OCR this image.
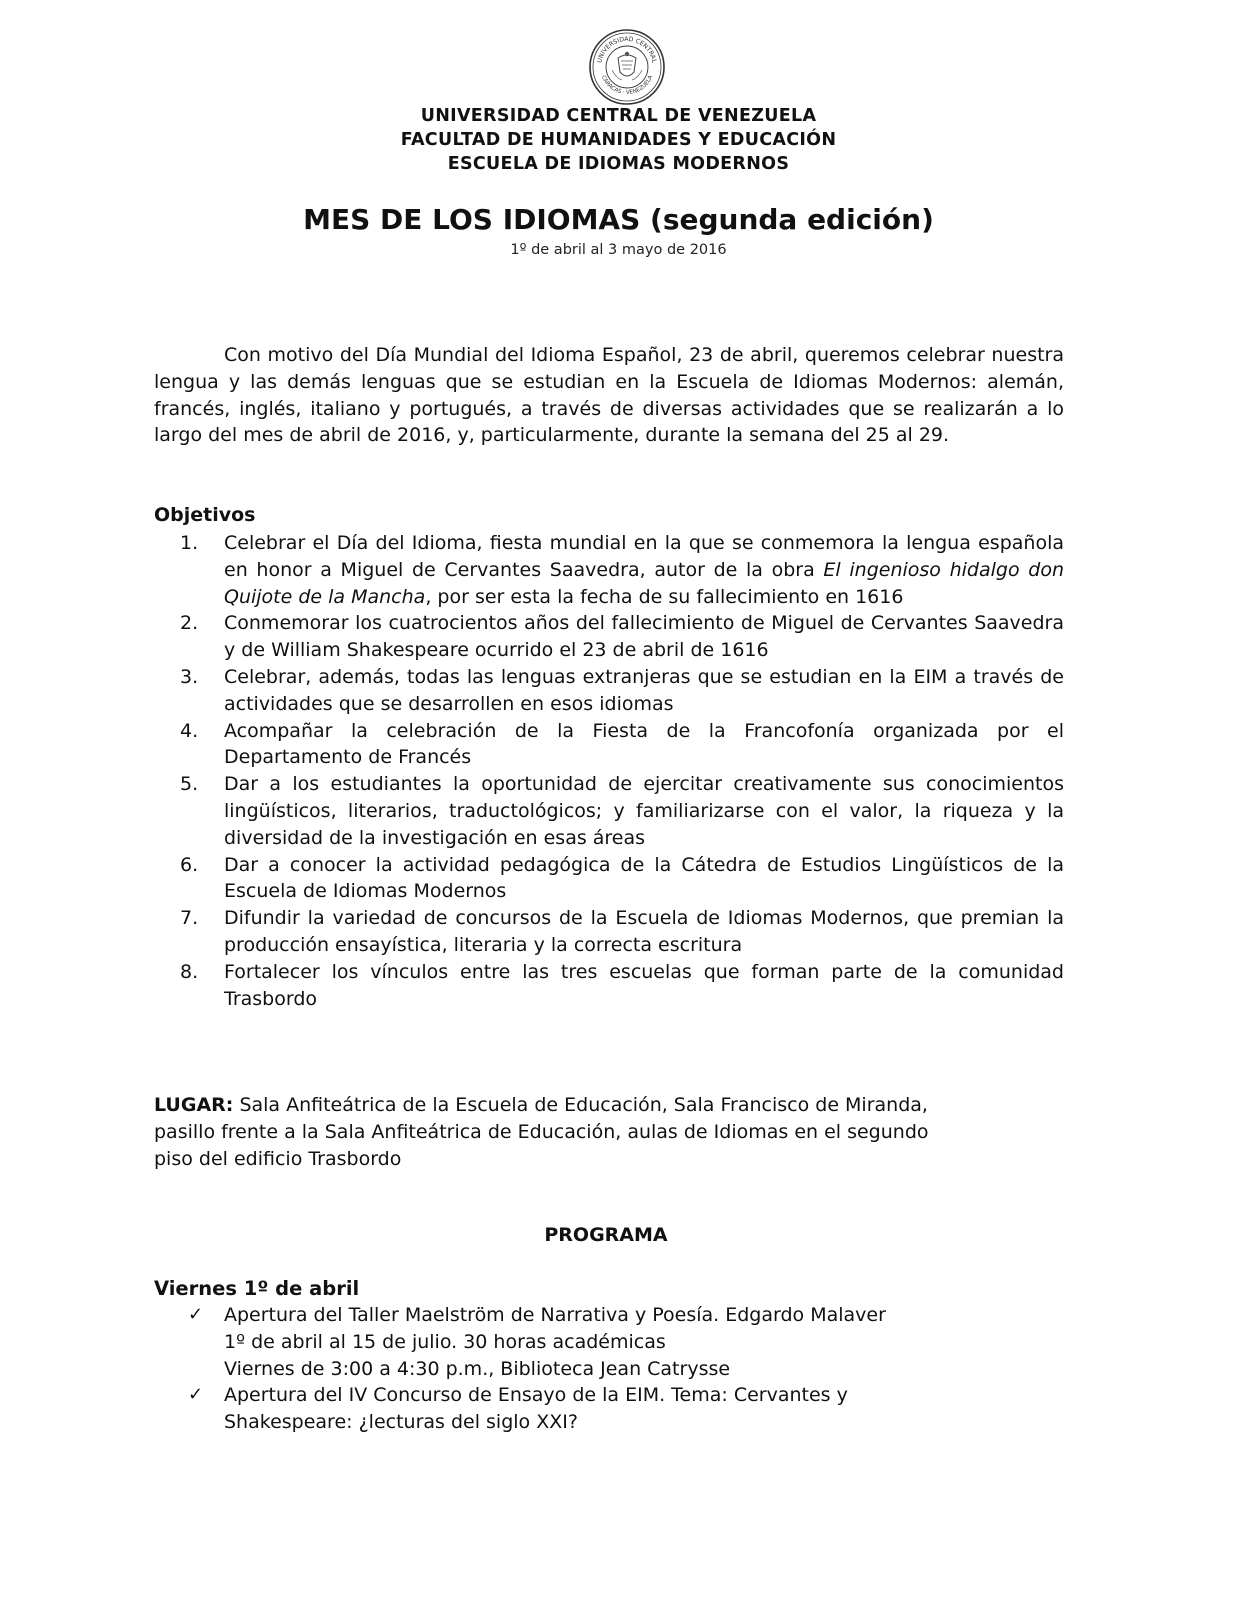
UNIVERSIDAD CENTRAL
CARACAS · VENEZUELA
UNIVERSIDAD CENTRAL DE VENEZUELA
FACULTAD DE HUMANIDADES Y EDUCACIÓN
ESCUELA DE IDIOMAS MODERNOS
MES DE LOS IDIOMAS (segunda edición)
1º de abril al 3 mayo de 2016
Con motivo del Día Mundial del Idioma Español, 23 de abril, queremos celebrar nuestra lengua y las demás lenguas que se estudian en la Escuela de Idiomas Modernos: alemán, francés, inglés, italiano y portugués, a través de diversas actividades que se realizarán a lo largo del mes de abril de 2016, y, particularmente, durante la semana del 25 al 29.
Objetivos
1. Celebrar el Día del Idioma, fiesta mundial en la que se conmemora la lengua española en honor a Miguel de Cervantes Saavedra, autor de la obra El ingenioso hidalgo don Quijote de la Mancha, por ser esta la fecha de su fallecimiento en 1616
2. Conmemorar los cuatrocientos años del fallecimiento de Miguel de Cervantes Saavedra y de William Shakespeare ocurrido el 23 de abril de 1616
3. Celebrar, además, todas las lenguas extranjeras que se estudian en la EIM a través de actividades que se desarrollen en esos idiomas
4. Acompañar la celebración de la Fiesta de la Francofonía organizada por el Departamento de Francés
5. Dar a los estudiantes la oportunidad de ejercitar creativamente sus conocimientos lingüísticos, literarios, traductológicos; y familiarizarse con el valor, la riqueza y la diversidad de la investigación en esas áreas
6. Dar a conocer la actividad pedagógica de la Cátedra de Estudios Lingüísticos de la Escuela de Idiomas Modernos
7. Difundir la variedad de concursos de la Escuela de Idiomas Modernos, que premian la producción ensayística, literaria y la correcta escritura
8. Fortalecer los vínculos entre las tres escuelas que forman parte de la comunidad Trasbordo
LUGAR: Sala Anfiteátrica de la Escuela de Educación, Sala Francisco de Miranda,
pasillo frente a la Sala Anfiteátrica de Educación, aulas de Idiomas en el segundo
piso del edificio Trasbordo
PROGRAMA
Viernes 1º de abril
✓ Apertura del Taller Maelström de Narrativa y Poesía. Edgardo Malaver
1º de abril al 15 de julio. 30 horas académicas
Viernes de 3:00 a 4:30 p.m., Biblioteca Jean Catrysse
✓ Apertura del IV Concurso de Ensayo de la EIM. Tema: Cervantes y
Shakespeare: ¿lecturas del siglo XXI?
